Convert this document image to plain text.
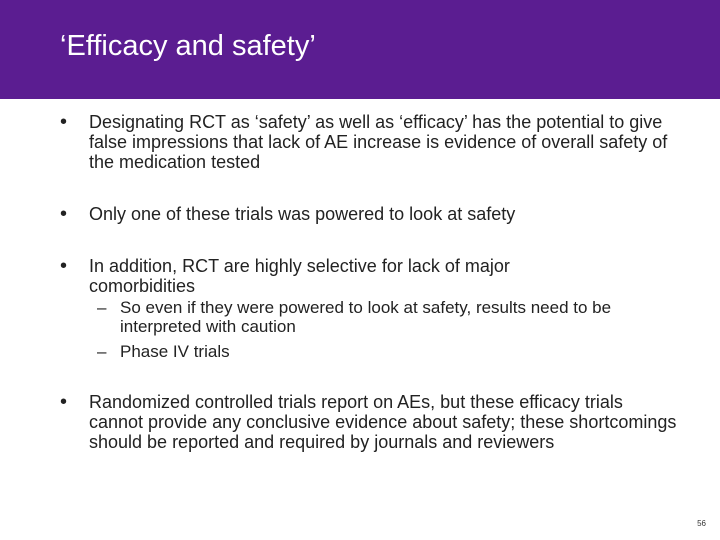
‘Efficacy and safety’
• Designating RCT as ‘safety’ as well as ‘efficacy’ has the potential to give false impressions that lack of AE increase is evidence of overall safety of the medication tested
• Only one of these trials was powered to look at safety
• In addition, RCT are highly selective for lack of major comorbidities
– So even if they were powered to look at safety, results need to be interpreted with caution
– Phase IV trials
• Randomized controlled trials report on AEs, but these efficacy trials cannot provide any conclusive evidence about safety; these shortcomings should be reported and required by journals and reviewers
56
